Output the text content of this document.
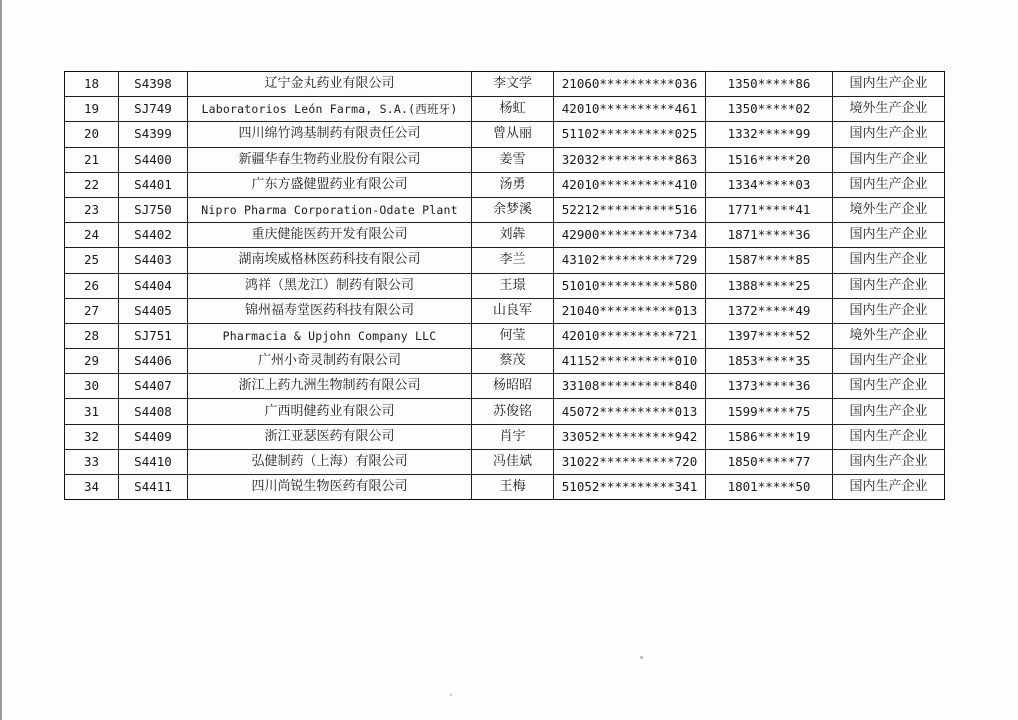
18	S4398	辽宁金丸药业有限公司	李文学	21060**********036	1350*****86	国内生产企业
19	SJ749	Laboratorios León Farma, S.A.(西班牙)	杨虹	42010**********461	1350*****02	境外生产企业
20	S4399	四川绵竹鸿基制药有限责任公司	曾从丽	51102**********025	1332*****99	国内生产企业
21	S4400	新疆华春生物药业股份有限公司	姜雪	32032**********863	1516*****20	国内生产企业
22	S4401	广东方盛健盟药业有限公司	汤勇	42010**********410	1334*****03	国内生产企业
23	SJ750	Nipro Pharma Corporation-Odate Plant	余梦溪	52212**********516	1771*****41	境外生产企业
24	S4402	重庆健能医药开发有限公司	刘犇	42900**********734	1871*****36	国内生产企业
25	S4403	湖南埃威格林医药科技有限公司	李兰	43102**********729	1587*****85	国内生产企业
26	S4404	鸿祥（黑龙江）制药有限公司	王璟	51010**********580	1388*****25	国内生产企业
27	S4405	锦州福寿堂医药科技有限公司	山良军	21040**********013	1372*****49	国内生产企业
28	SJ751	Pharmacia & Upjohn Company LLC	何莹	42010**********721	1397*****52	境外生产企业
29	S4406	广州小奇灵制药有限公司	蔡茂	41152**********010	1853*****35	国内生产企业
30	S4407	浙江上药九洲生物制药有限公司	杨昭昭	33108**********840	1373*****36	国内生产企业
31	S4408	广西明健药业有限公司	苏俊铭	45072**********013	1599*****75	国内生产企业
32	S4409	浙江亚瑟医药有限公司	肖宇	33052**********942	1586*****19	国内生产企业
33	S4410	弘健制药（上海）有限公司	冯佳斌	31022**********720	1850*****77	国内生产企业
34	S4411	四川尚锐生物医药有限公司	王梅	51052**********341	1801*****50	国内生产企业
